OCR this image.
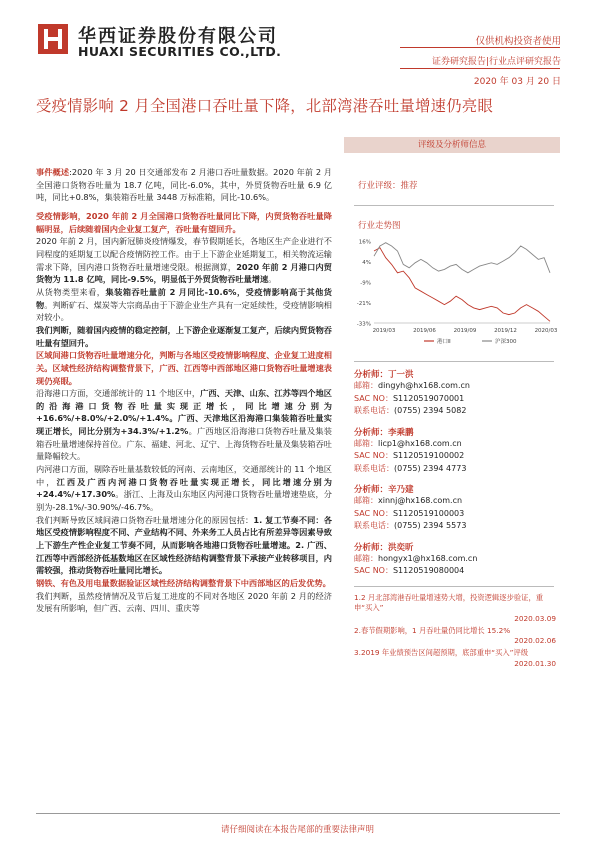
华西证券股份有限公司
HUAXI SECURITIES CO.,LTD.
仅供机构投资者使用
证券研究报告|行业点评研究报告
2020 年 03 月 20 日
受疫情影响 2 月全国港口吞吐量下降，北部湾港吞吐量增速仍亮眼

事件概述:2020 年 3 月 20 日交通部发布 2 月港口吞吐量数据。2020 年前 2 月全国港口货物吞吐量为 18.7 亿吨，同比-6.0%，其中，外贸货物吞吐量 6.9 亿吨，同比+0.8%，集装箱吞吐量 3448 万标准箱，同比-10.6%。

受疫情影响，2020 年前 2 月全国港口货物吞吐量同比下降，内贸货物吞吐量降幅明显，后续随着国内企业复工复产，吞吐量有望回升。

2020 年前 2 月，国内新冠肺炎疫情爆发，春节假期延长，各地区生产企业进行不同程度的延期复工以配合疫情防控工作。由于上下游企业延期复工，相关物流运输需求下降，国内港口货物吞吐量增速受限。根据测算，2020 年前 2 月港口内贸货物为 11.8 亿吨，同比-9.5%，明显低于外贸货物吞吐量增速。

从货物类型来看，集装箱吞吐量前 2 月同比-10.6%，受疫情影响高于其他货物。判断矿石、煤炭等大宗商品由于下游企业生产具有一定延续性，受疫情影响相对较小。

我们判断，随着国内疫情的稳定控制，上下游企业逐渐复工复产，后续内贸货物吞吐量有望回升。

区域间港口货物吞吐量增速分化，判断与各地区受疫情影响程度、企业复工进度相关。区域性经济结构调整背景下，广西、江西等中西部地区港口货物吞吐量增速表现仍亮眼。

沿海港口方面，交通部统计的 11 个地区中，广西、天津、山东、江苏等四个地区的沿海港口货物吞吐量实现正增长，同比增速分别为+16.6%/+8.0%/+2.0%/+1.4%。广西、天津地区沿海港口集装箱吞吐量实现正增长，同比分别为+34.3%/+1.2%。广西地区沿海港口货物吞吐量及集装箱吞吐量增速保持首位。广东、福建、河北、辽宁、上海货物吞吐量及集装箱吞吐量降幅较大。

内河港口方面，剔除吞吐量基数较低的河南、云南地区，交通部统计的 11 个地区中，江西及广西内河港口货物吞吐量实现正增长，同比增速分别为+24.4%/+17.30%。浙江、上海及山东地区内河港口货物吞吐量增速垫底，分别为-28.1%/-30.90%/-46.7%。

我们判断导致区域间港口货物吞吐量增速分化的原因包括：1. 复工节奏不同：各地区受疫情影响程度不同、产业结构不同、外来务工人员占比有所差异等因素导致上下游生产性企业复工节奏不同，从而影响各地港口货物吞吐量增速。2. 广西、江西等中西部经济低基数地区在区域性经济结构调整背景下承接产业转移项目，内需较强，推动货物吞吐量同比增长。

钢铁、有色及用电量数据验证区域性经济结构调整背景下中西部地区的后发优势。

我们判断，虽然疫情情况及节后复工进度的不同对各地区 2020 年前 2 月的经济发展有所影响，但广西、云南、四川、重庆等

评级及分析师信息
行业评级：推荐
行业走势图
16%
4%
-9%
-21%
-33%
2019/03	2019/06	2019/09	2019/12	2020/03
港口Ⅱ	沪深300
分析师：丁一洪
邮箱：dingyh@hx168.com.cn
SAC NO：S1120519070001
联系电话：(0755) 2394 5082
分析师：李乘鹏
邮箱：licp1@hx168.com.cn
SAC NO：S1120519100002
联系电话：(0755) 2394 4773
分析师：辛乃建
邮箱：xinnj@hx168.com.cn
SAC NO：S1120519100003
联系电话：(0755) 2394 5573
分析师：洪奕昕
邮箱：hongyx1@hx168.com.cn
SAC NO：S1120519080004
1.2 月北部湾港吞吐量增速势大增，投资逻辑逐步验证，重申“买入”
2020.03.09
2.春节假期影响，1 月吞吐量仍同比增长 15.2%
2020.02.06
3.2019 年业绩预告区间超预期，底部重申“买入”评级
2020.01.30
请仔细阅读在本报告尾部的重要法律声明
